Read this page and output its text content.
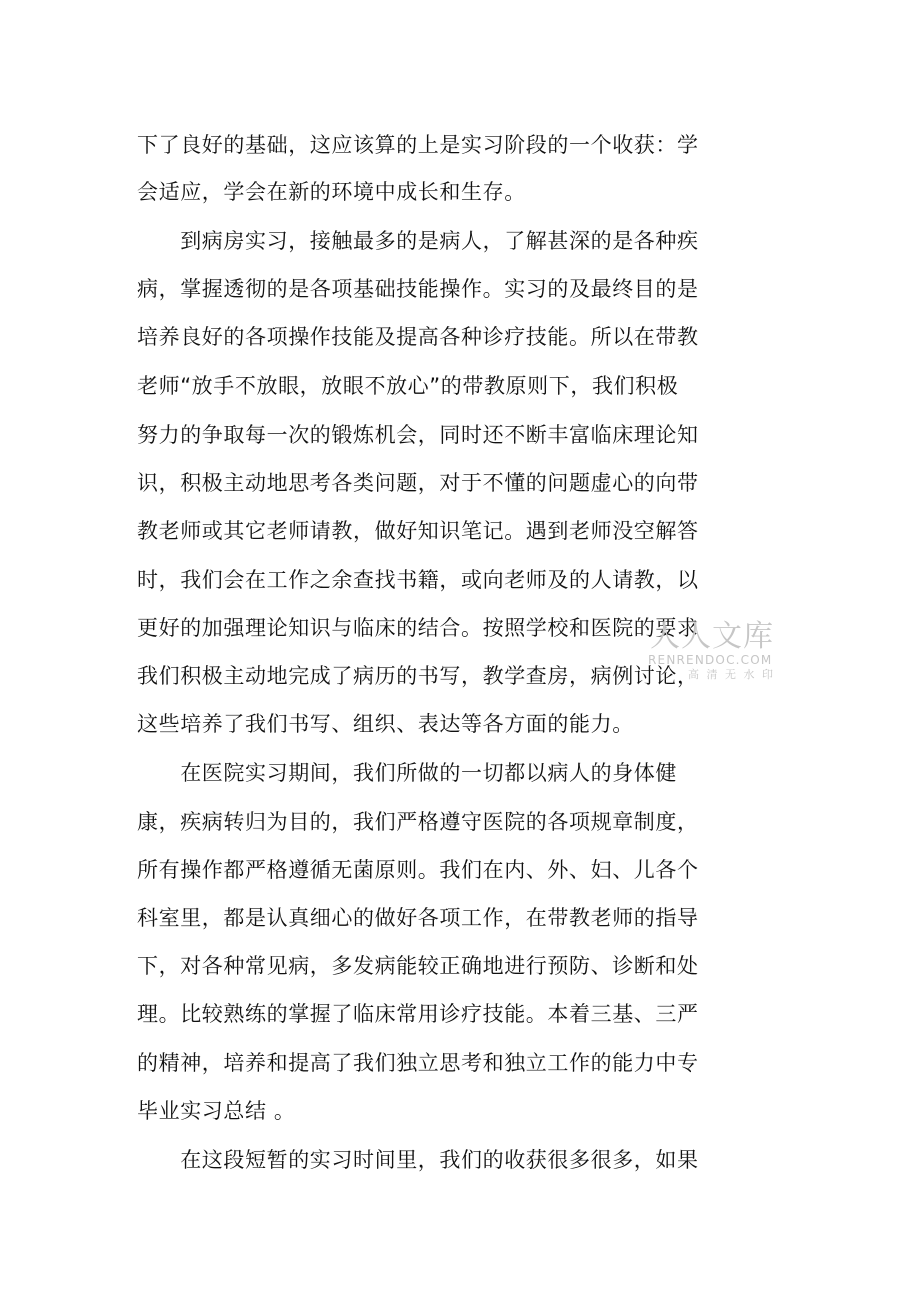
下了良好的基础，这应该算的上是实习阶段的一个收获：学
会适应，学会在新的环境中成长和生存。
　　到病房实习，接触最多的是病人，了解甚深的是各种疾
病，掌握透彻的是各项基础技能操作。实习的及最终目的是
培养良好的各项操作技能及提高各种诊疗技能。所以在带教
老师“放手不放眼，放眼不放心”的带教原则下，我们积极
努力的争取每一次的锻炼机会，同时还不断丰富临床理论知
识，积极主动地思考各类问题，对于不懂的问题虚心的向带
教老师或其它老师请教，做好知识笔记。遇到老师没空解答
时，我们会在工作之余查找书籍，或向老师及的人请教，以
更好的加强理论知识与临床的结合。按照学校和医院的要求
我们积极主动地完成了病历的书写，教学查房，病例讨论，
这些培养了我们书写、组织、表达等各方面的能力。
　　在医院实习期间，我们所做的一切都以病人的身体健
康，疾病转归为目的，我们严格遵守医院的各项规章制度，
所有操作都严格遵循无菌原则。我们在内、外、妇、儿各个
科室里，都是认真细心的做好各项工作，在带教老师的指导
下，对各种常见病，多发病能较正确地进行预防、诊断和处
理。比较熟练的掌握了临床常用诊疗技能。本着三基、三严
的精神，培养和提高了我们独立思考和独立工作的能力中专
毕业实习总结 。
　　在这段短暂的实习时间里，我们的收获很多很多，如果
人人文库
RENRENDOC.COM
高 清 无 水 印
